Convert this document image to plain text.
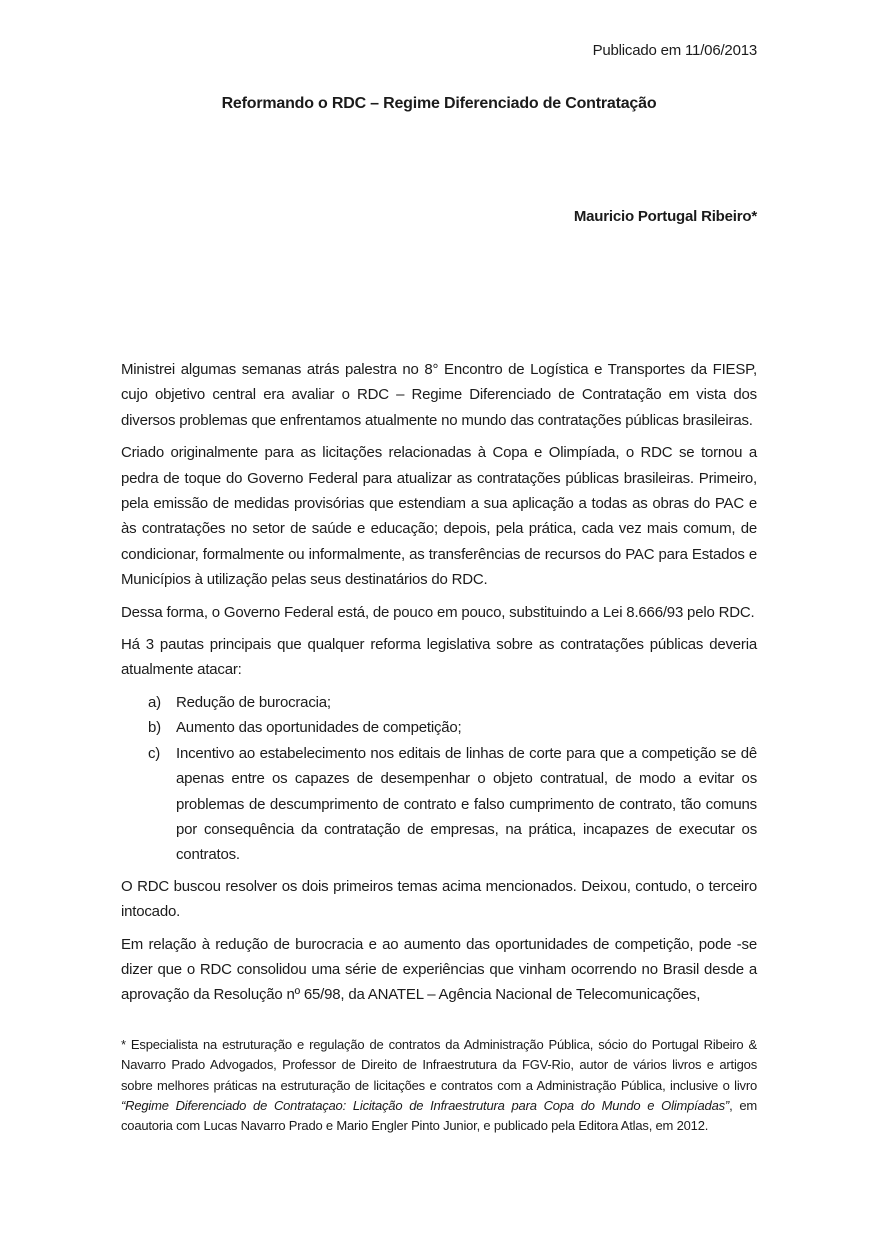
Publicado em 11/06/2013
Reformando o RDC – Regime Diferenciado de Contratação
Mauricio Portugal Ribeiro*

Ministrei algumas semanas atrás palestra no 8° Encontro de Logística e Transportes da FIESP, cujo objetivo central era avaliar o RDC – Regime Diferenciado de Contratação em vista dos diversos problemas que enfrentamos atualmente no mundo das contratações públicas brasileiras.

Criado originalmente para as licitações relacionadas à Copa e Olimpíada, o RDC se tornou a pedra de toque do Governo Federal para atualizar as contratações públicas brasileiras. Primeiro, pela emissão de medidas provisórias que estendiam a sua aplicação a todas as obras do PAC e às contratações no setor de saúde e educação; depois, pela prática, cada vez mais comum, de condicionar, formalmente ou informalmente, as transferências de recursos do PAC para Estados e Municípios à utilização pelas seus destinatários do RDC.

Dessa forma, o Governo Federal está, de pouco em pouco, substituindo a Lei 8.666/93 pelo RDC.

Há 3 pautas principais que qualquer reforma legislativa sobre as contratações públicas deveria atualmente atacar:

a)	Redução de burocracia;
b)	Aumento das oportunidades de competição;
c)	Incentivo ao estabelecimento nos editais de linhas de corte para que a competição se dê apenas entre os capazes de desempenhar o objeto contratual, de modo a evitar os problemas de descumprimento de contrato e falso cumprimento de contrato, tão comuns por consequência da contratação de empresas, na prática, incapazes de executar os contratos.

O RDC buscou resolver os dois primeiros temas acima mencionados. Deixou, contudo, o terceiro intocado.

Em relação à redução de burocracia e ao aumento das oportunidades de competição, pode -se dizer que o RDC consolidou uma série de experiências que vinham ocorrendo no Brasil desde a aprovação da Resolução nº 65/98, da ANATEL – Agência Nacional de Telecomunicações,

* Especialista na estruturação e regulação de contratos da Administração Pública, sócio do Portugal Ribeiro & Navarro Prado Advogados, Professor de Direito de Infraestrutura da FGV-Rio, autor de vários livros e artigos sobre melhores práticas na estruturação de licitações e contratos com a Administração Pública, inclusive o livro “Regime Diferenciado de Contrataçao: Licitação de Infraestrutura para Copa do Mundo e Olimpíadas”, em coautoria com Lucas Navarro Prado e Mario Engler Pinto Junior, e publicado pela Editora Atlas, em 2012.
